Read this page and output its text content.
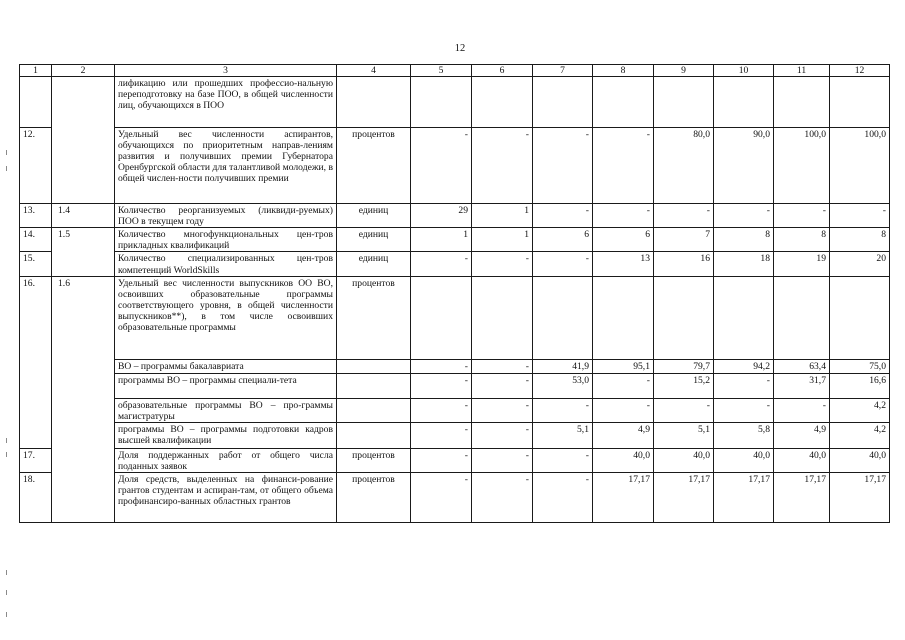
12
1	2	3	4	5	6	7	8	9	10	11	12
		лификацию или прошедших профессио-нальную переподготовку на базе ПОО, в общей численности лиц, обучающихся в ПОО									
12.		Удельный вес численности аспирантов, обучающихся по приоритетным направ-лениям развития и получивших премии Губернатора Оренбургской области для талантливой молодежи, в общей числен-ности получивших премии	процентов	-	-	-	-	80,0	90,0	100,0	100,0
13.	1.4	Количество реорганизуемых (ликвиди-руемых) ПОО в текущем году	единиц	29	1	-	-	-	-	-	-
14.	1.5	Количество многофункциональных цен-тров прикладных квалификаций	единиц	1	1	6	6	7	8	8	8
15.		Количество специализированных цен-тров компетенций WorldSkills	единиц	-	-	-	13	16	18	19	20
16.	1.6	Удельный вес численности выпускников ОО ВО, освоивших образовательные программы соответствующего уровня, в общей численности выпускников**), в том числе освоивших образовательные программы	процентов								
		ВО – программы бакалавриата		-	-	41,9	95,1	79,7	94,2	63,4	75,0
		программы ВО – программы специали-тета		-	-	53,0	-	15,2	-	31,7	16,6
		образовательные программы ВО – про-граммы магистратуры		-	-	-	-	-	-	-	4,2
		программы ВО – программы подготовки кадров высшей квалификации		-	-	5,1	4,9	5,1	5,8	4,9	4,2
17.		Доля поддержанных работ от общего числа поданных заявок	процентов	-	-	-	40,0	40,0	40,0	40,0	40,0
18.		Доля средств, выделенных на финанси-рование грантов студентам и аспиран-там, от общего объема профинансиро-ванных областных грантов	процентов	-	-	-	17,17	17,17	17,17	17,17	17,17
